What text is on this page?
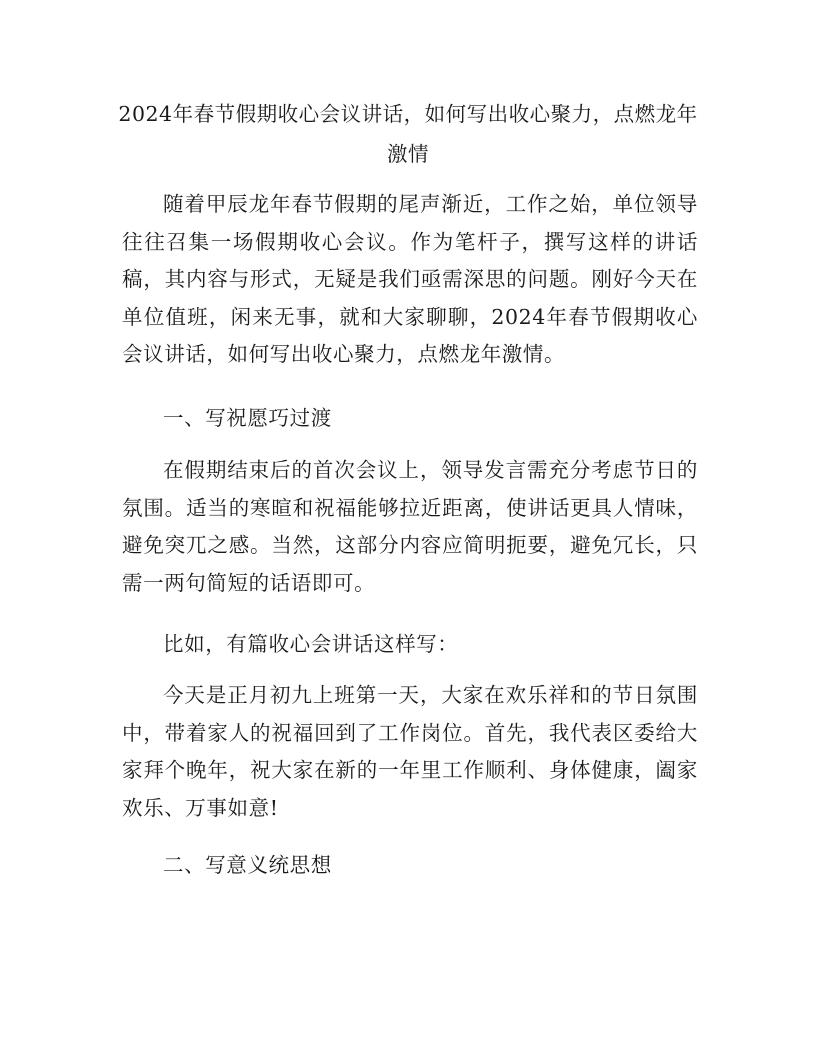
2024年春节假期收心会议讲话，如何写出收心聚力，点燃龙年激情
随着甲辰龙年春节假期的尾声渐近，工作之始，单位领导往往召集一场假期收心会议。作为笔杆子，撰写这样的讲话稿，其内容与形式，无疑是我们亟需深思的问题。刚好今天在单位值班，闲来无事，就和大家聊聊，2024年春节假期收心会议讲话，如何写出收心聚力，点燃龙年激情。
一、写祝愿巧过渡
在假期结束后的首次会议上，领导发言需充分考虑节日的氛围。适当的寒暄和祝福能够拉近距离，使讲话更具人情味，避免突兀之感。当然，这部分内容应简明扼要，避免冗长，只需一两句简短的话语即可。
比如，有篇收心会讲话这样写：
今天是正月初九上班第一天，大家在欢乐祥和的节日氛围中，带着家人的祝福回到了工作岗位。首先，我代表区委给大家拜个晚年，祝大家在新的一年里工作顺利、身体健康，阖家欢乐、万事如意!
二、写意义统思想
